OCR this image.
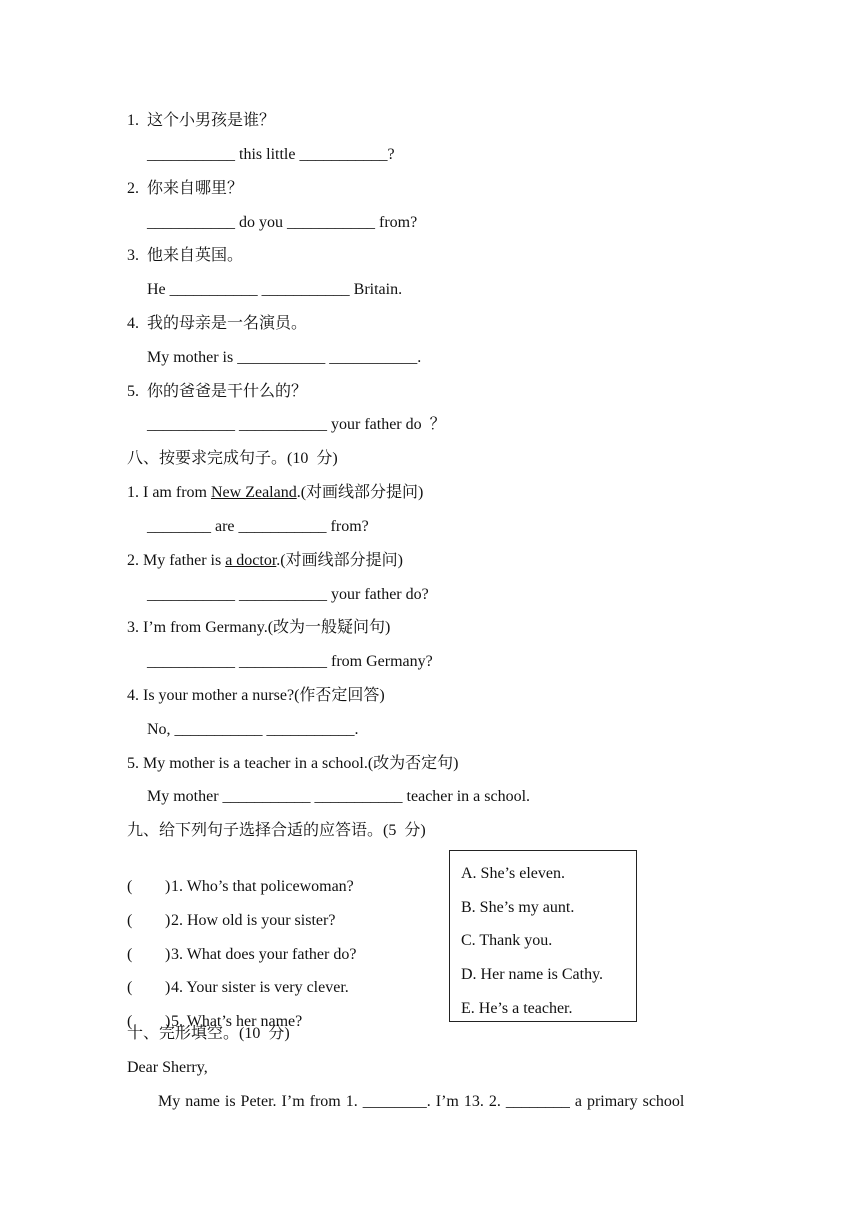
1.  这个小男孩是谁？
___________ this little ___________?
2.  你来自哪里？
___________ do you ___________ from?
3.  他来自英国。
He ___________ ___________ Britain.
4.  我的母亲是一名演员。
My mother is ___________ ___________.
5.  你的爸爸是干什么的？
___________ ___________ your father do  ？
八、按要求完成句子。(10  分)
1. I am from New Zealand.(对画线部分提问)
________ are ___________ from?
2. My father is a doctor.(对画线部分提问)
___________ ___________ your father do?
3. I’m from Germany.(改为一般疑问句)
___________ ___________ from Germany?
4. Is your mother a nurse?(作否定回答)
No, ___________ ___________.
5. My mother is a teacher in a school.(改为否定句)
My mother ___________ ___________ teacher in a school.
九、给下列句子选择合适的应答语。(5  分)

( ) 1. Who’s that policewoman?

( ) 2. How old is your sister?

( ) 3. What does your father do?

( ) 4. Your sister is very clever.

( ) 5. What’s her name?

A. She’s eleven.
B. She’s my aunt.
C. Thank you.
D. Her name is Cathy.
E. He’s a teacher.
十、完形填空。(10  分)
Dear Sherry,
My name is Peter. I’m from 1. ________. I’m 13. 2. ________ a primary school
